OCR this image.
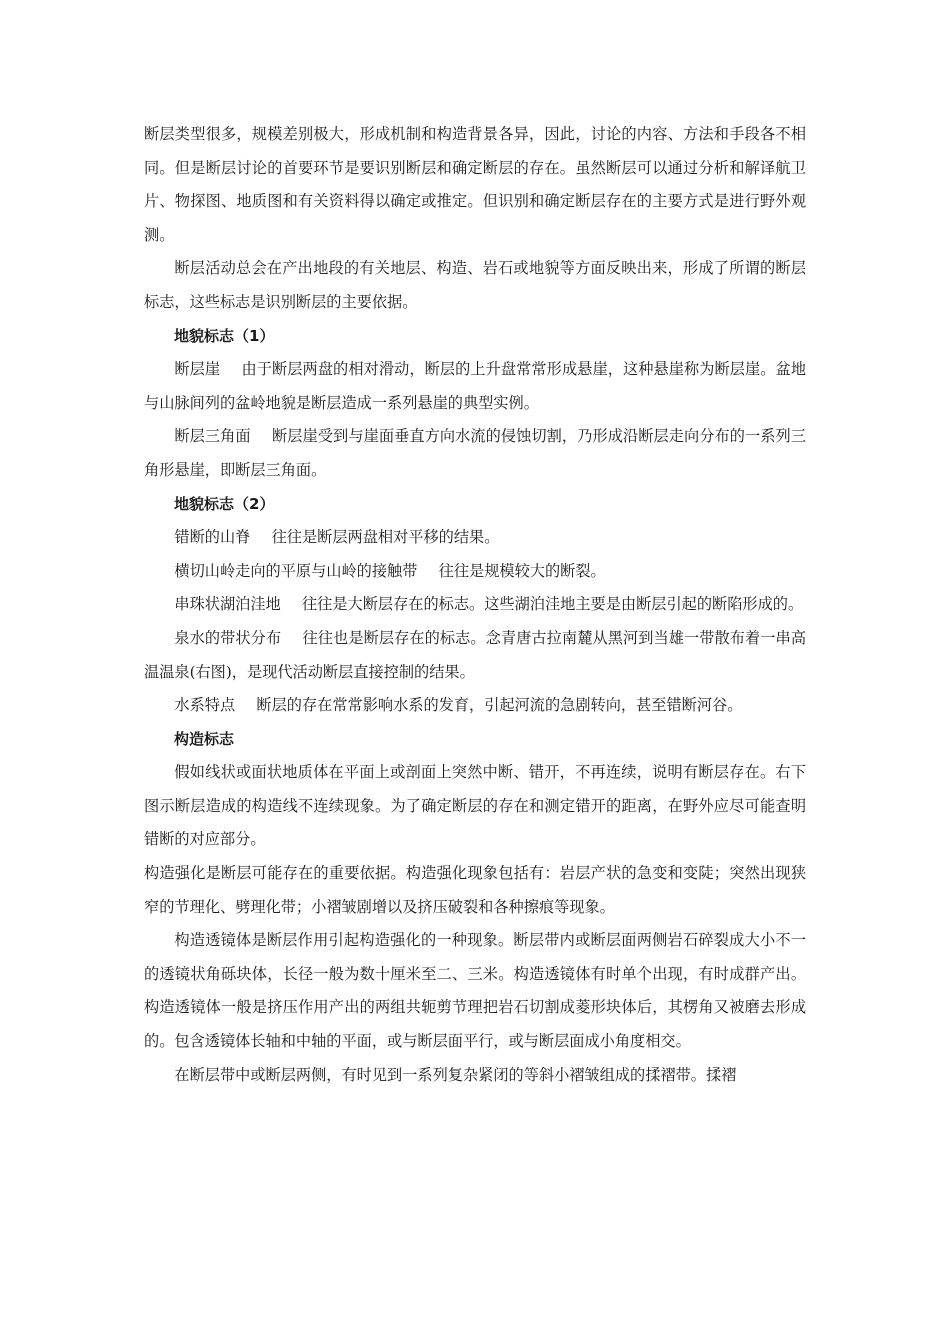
断层类型很多，规模差别极大，形成机制和构造背景各异，因此，讨论的内容、方法和手段各不相同。但是断层讨论的首要环节是要识别断层和确定断层的存在。虽然断层可以通过分析和解译航卫片、物探图、地质图和有关资料得以确定或推定。但识别和确定断层存在的主要方式是进行野外观测。

断层活动总会在产出地段的有关地层、构造、岩石或地貌等方面反映出来，形成了所谓的断层标志，这些标志是识别断层的主要依据。

地貌标志（1）

断层崖 由于断层两盘的相对滑动，断层的上升盘常常形成悬崖，这种悬崖称为断层崖。盆地与山脉间列的盆岭地貌是断层造成一系列悬崖的典型实例。

断层三角面 断层崖受到与崖面垂直方向水流的侵蚀切割，乃形成沿断层走向分布的一系列三角形悬崖，即断层三角面。

地貌标志（2）

错断的山脊 往往是断层两盘相对平移的结果。

横切山岭走向的平原与山岭的接触带 往往是规模较大的断裂。

串珠状湖泊洼地 往往是大断层存在的标志。这些湖泊洼地主要是由断层引起的断陷形成的。

泉水的带状分布 往往也是断层存在的标志。念青唐古拉南麓从黑河到当雄一带散布着一串高温温泉(右图)，是现代活动断层直接控制的结果。

水系特点 断层的存在常常影响水系的发育，引起河流的急剧转向，甚至错断河谷。

构造标志

假如线状或面状地质体在平面上或剖面上突然中断、错开，不再连续，说明有断层存在。右下图示断层造成的构造线不连续现象。为了确定断层的存在和测定错开的距离，在野外应尽可能查明错断的对应部分。

构造强化是断层可能存在的重要依据。构造强化现象包括有：岩层产状的急变和变陡；突然出现狭窄的节理化、劈理化带；小褶皱剧增以及挤压破裂和各种擦痕等现象。

构造透镜体是断层作用引起构造强化的一种现象。断层带内或断层面两侧岩石碎裂成大小不一的透镜状角砾块体，长径一般为数十厘米至二、三米。构造透镜体有时单个出现，有时成群产出。构造透镜体一般是挤压作用产出的两组共轭剪节理把岩石切割成菱形块体后，其楞角又被磨去形成的。包含透镜体长轴和中轴的平面，或与断层面平行，或与断层面成小角度相交。

在断层带中或断层两侧，有时见到一系列复杂紧闭的等斜小褶皱组成的揉褶带。揉褶
